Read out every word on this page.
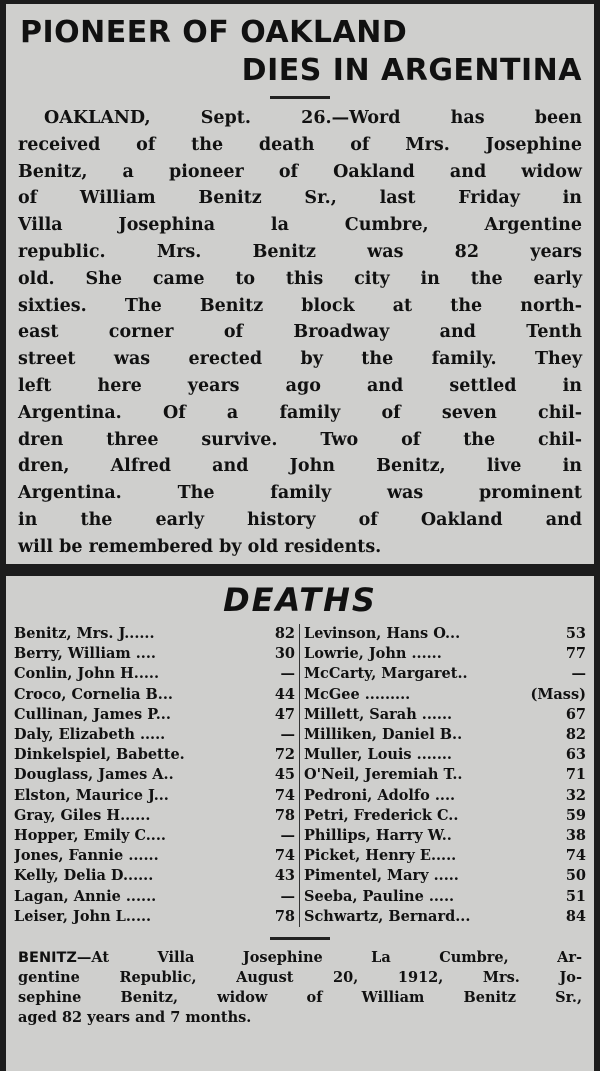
PIONEER OF OAKLAND

DIES IN ARGENTINA

OAKLAND, Sept. 26.—Word has been
received of the death of Mrs. Josephine
Benitz, a pioneer of Oakland and widow
of William Benitz Sr., last Friday in
Villa Josephina la Cumbre, Argentine
republic. Mrs. Benitz was 82 years
old. She came to this city in the early
sixties. The Benitz block at the north-
east corner of Broadway and Tenth
street was erected by the family. They
left here years ago and settled in
Argentina. Of a family of seven chil-
dren three survive. Two of the chil-
dren, Alfred and John Benitz, live in
Argentina. The family was prominent
in the early history of Oakland and
will be remembered by old residents.

DEATHS

Benitz, Mrs. J......	82
Berry, William ....	30
Conlin, John H.....	—
Croco, Cornelia B...	44
Cullinan, James P...	47
Daly, Elizabeth .....	—
Dinkelspiel, Babette.	72
Douglass, James A..	45
Elston, Maurice J...	74
Gray, Giles H......	78
Hopper, Emily C....	—
Jones, Fannie ......	74
Kelly, Delia D......	43
Lagan, Annie ......	—
Leiser, John L.....	78
Levinson, Hans O...	53
Lowrie, John ......	77
McCarty, Margaret..	—
McGee .........	(Mass)
Millett, Sarah ......	67
Milliken, Daniel B..	82
Muller, Louis .......	63
O'Neil, Jeremiah T..	71
Pedroni, Adolfo ....	32
Petri, Frederick C..	59
Phillips, Harry W..	38
Picket, Henry E.....	74
Pimentel, Mary .....	50
Seeba, Pauline .....	51
Schwartz, Bernard...	84
BENITZ—At Villa Josephine La Cumbre, Ar-
gentine Republic, August 20, 1912, Mrs. Jo-
sephine Benitz, widow of William Benitz Sr.,
aged 82 years and 7 months.
